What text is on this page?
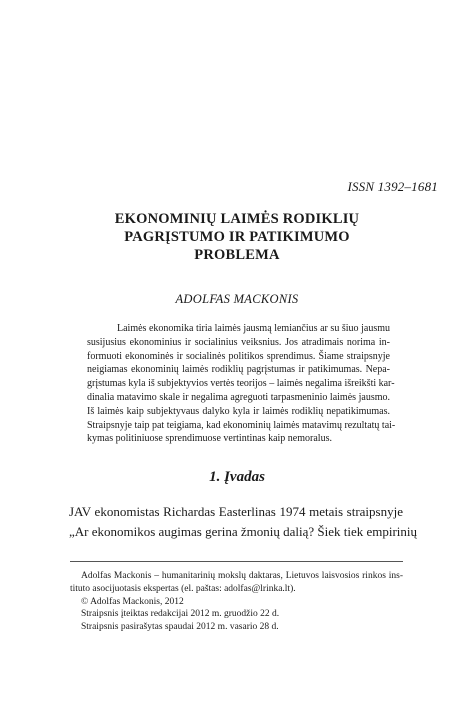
ISSN 1392–1681
EKONOMINIŲ LAIMĖS RODIKLIŲ
PAGRĮSTUMO IR PATIKIMUMO
PROBLEMA
ADOLFAS MACKONIS
Laimės ekonomika tiria laimės jausmą lemiančius ar su šiuo jausmu
susijusius ekonominius ir socialinius veiksnius. Jos atradimais norima in-
formuoti ekonominės ir socialinės politikos sprendimus. Šiame straipsnyje
neigiamas ekonominių laimės rodiklių pagrįstumas ir patikimumas. Nepa-
grįstumas kyla iš subjektyvios vertės teorijos – laimės negalima išreikšti kar-
dinalia matavimo skale ir negalima agreguoti tarpasmeninio laimės jausmo.
Iš laimės kaip subjektyvaus dalyko kyla ir laimės rodiklių nepatikimumas.
Straipsnyje taip pat teigiama, kad ekonominių laimės matavimų rezultatų tai-
kymas politiniuose sprendimuose vertintinas kaip nemoralus.
1. Įvadas
JAV ekonomistas Richardas Easterlinas 1974 metais straipsnyje
„Ar ekonomikos augimas gerina žmonių dalią? Šiek tiek empirinių
Adolfas Mackonis – humanitarinių mokslų daktaras, Lietuvos laisvosios rinkos ins-
tituto asocijuotasis ekspertas (el. paštas: adolfas@lrinka.lt).
© Adolfas Mackonis, 2012
Straipsnis įteiktas redakcijai 2012 m. gruodžio 22 d.
Straipsnis pasirašytas spaudai 2012 m. vasario 28 d.
